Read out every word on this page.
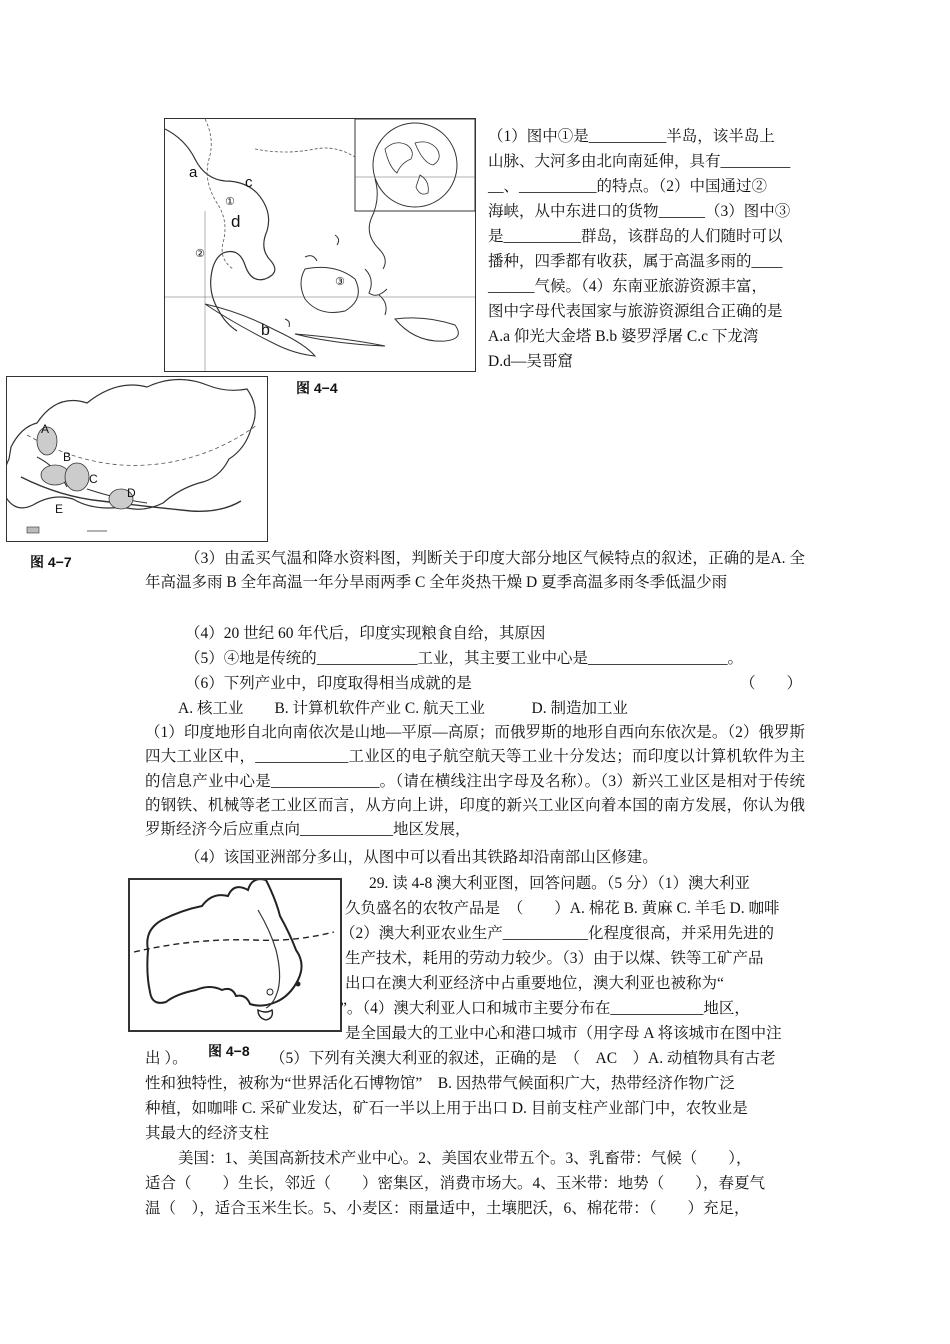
a
c
①
d
②
③
b
图 4−4
（1）图中①是__________半岛，该半岛上
山脉、大河多由北向南延伸，具有_________
__、__________的特点。（2）中国通过②
海峡，从中东进口的货物______（3）图中③
是__________群岛，该群岛的人们随时可以
播种，四季都有收获，属于高温多雨的____
______气候。（4）东南亚旅游资源丰富，
图中字母代表国家与旅游资源组合正确的是
A.a 仰光大金塔 B.b 婆罗浮屠 C.c 下龙湾
D.d—吴哥窟
A
B
C
D
E
图 4−7	（3）由孟买气温和降水资料图，判断关于印度大部分地区气候特点的叙述，正确的是A. 全年高温多雨 B 全年高温一年分旱雨两季 C 全年炎热干燥 D 夏季高温多雨冬季低温少雨
（4）20 世纪 60 年代后，印度实现粮食自给，其原因
（5）④地是传统的_____________工业，其主要工业中心是__________________。
（6）下列产业中，印度取得相当成就的是	（　　）
A. 核工业　　B. 计算机软件产业 C. 航天工业　　　D. 制造加工业
（1）印度地形自北向南依次是山地—平原—高原；而俄罗斯的地形自西向东依次是。（2）俄罗斯四大工业区中，____________工业区的电子航空航天等工业十分发达；而印度以计算机软件为主的信息产业中心是______________。（请在横线注出字母及名称）。（3）新兴工业区是相对于传统的钢铁、机械等老工业区而言，从方向上讲，印度的新兴工业区向着本国的南方发展，你认为俄罗斯经济今后应重点向____________地区发展，
（4）该国亚洲部分多山，从图中可以看出其铁路却沿南部山区修建。
图 4−8
29. 读 4-8 澳大利亚图，回答问题。（5 分）（1）澳大利亚
久负盛名的农牧产品是　（　　）A. 棉花 B. 黄麻 C. 羊毛 D. 咖啡
（2）澳大利亚农业生产___________化程度很高，并采用先进的
生产技术，耗用的劳动力较少。（3）由于以煤、铁等工矿产品
出口在澳大利亚经济中占重要地位，澳大利亚也被称为“
”。（4）澳大利亚人口和城市主要分布在____________地区，
是全国最大的工业中心和港口城市（用字母 A 将该城市在图中注
出 ）。	（5）下列有关澳大利亚的叙述，正确的是　（　AC　）A. 动植物具有古老
性和独特性，被称为“世界活化石博物馆”　B. 因热带气候面积广大，热带经济作物广泛
种植，如咖啡 C. 采矿业发达，矿石一半以上用于出口 D. 目前支柱产业部门中，农牧业是
其最大的经济支柱
美国：1、美国高新技术产业中心。2、美国农业带五个。3、乳畜带：气候（　　），
适合（　　）生长，邻近（　　）密集区，消费市场大。4、玉米带：地势（　　），春夏气
温（　），适合玉米生长。5、小麦区：雨量适中，土壤肥沃，6、棉花带：（　　）充足，
